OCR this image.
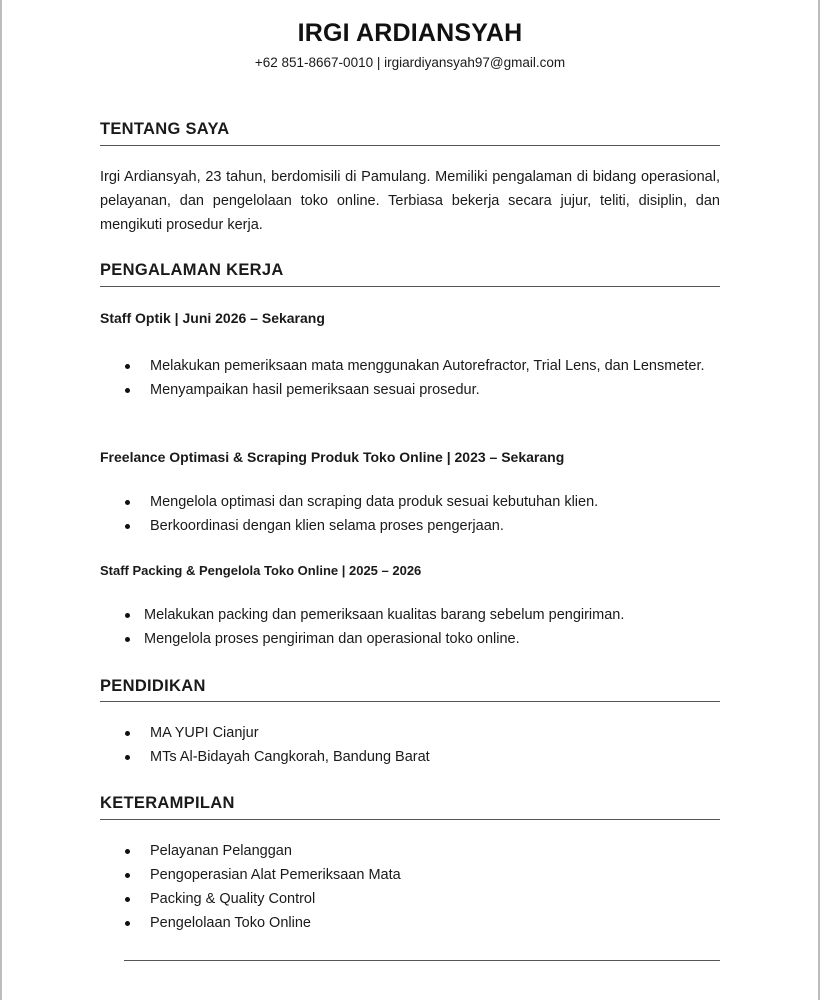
IRGI ARDIANSYAH
+62 851-8667-0010 | irgiardiyansyah97@gmail.com
TENTANG SAYA
Irgi Ardiansyah, 23 tahun, berdomisili di Pamulang. Memiliki pengalaman di bidang operasional, pelayanan, dan pengelolaan toko online. Terbiasa bekerja secara jujur, teliti, disiplin, dan mengikuti prosedur kerja.
PENGALAMAN KERJA
Staff Optik | Juni 2026 – Sekarang
Melakukan pemeriksaan mata menggunakan Autorefractor, Trial Lens, dan Lensmeter.
Menyampaikan hasil pemeriksaan sesuai prosedur.
Freelance Optimasi & Scraping Produk Toko Online | 2023 – Sekarang
Mengelola optimasi dan scraping data produk sesuai kebutuhan klien.
Berkoordinasi dengan klien selama proses pengerjaan.
Staff Packing & Pengelola Toko Online | 2025 – 2026
Melakukan packing dan pemeriksaan kualitas barang sebelum pengiriman.
Mengelola proses pengiriman dan operasional toko online.
PENDIDIKAN
MA YUPI Cianjur
MTs Al-Bidayah Cangkorah, Bandung Barat
KETERAMPILAN
Pelayanan Pelanggan
Pengoperasian Alat Pemeriksaan Mata
Packing & Quality Control
Pengelolaan Toko Online
